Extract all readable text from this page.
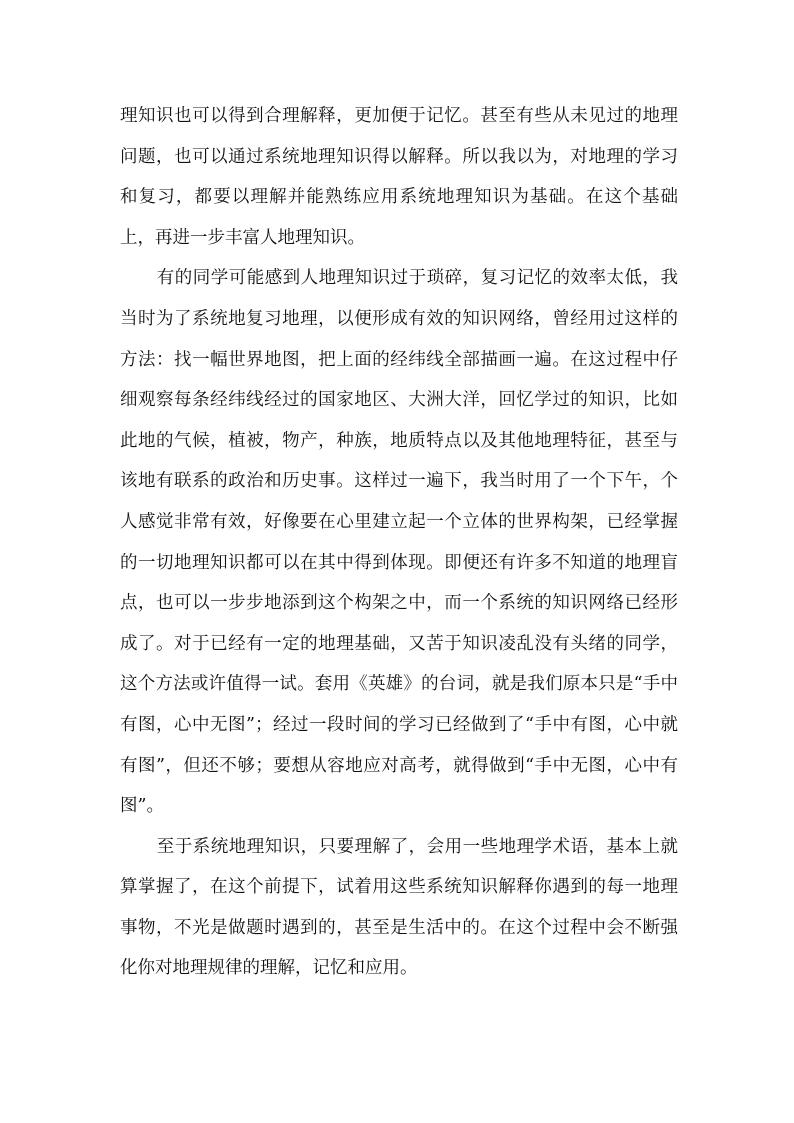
理知识也可以得到合理解释，更加便于记忆。甚至有些从未见过的地理问题，也可以通过系统地理知识得以解释。所以我以为，对地理的学习和复习，都要以理解并能熟练应用系统地理知识为基础。在这个基础上，再进一步丰富人地理知识。

有的同学可能感到人地理知识过于琐碎，复习记忆的效率太低，我当时为了系统地复习地理，以便形成有效的知识网络，曾经用过这样的方法：找一幅世界地图，把上面的经纬线全部描画一遍。在这过程中仔细观察每条经纬线经过的国家地区、大洲大洋，回忆学过的知识，比如此地的气候，植被，物产，种族，地质特点以及其他地理特征，甚至与该地有联系的政治和历史事。这样过一遍下，我当时用了一个下午，个人感觉非常有效，好像要在心里建立起一个立体的世界构架，已经掌握的一切地理知识都可以在其中得到体现。即便还有许多不知道的地理盲点，也可以一步步地添到这个构架之中，而一个系统的知识网络已经形成了。对于已经有一定的地理基础，又苦于知识凌乱没有头绪的同学，这个方法或许值得一试。套用《英雄》的台词，就是我们原本只是“手中有图，心中无图”；经过一段时间的学习已经做到了“手中有图，心中就有图”，但还不够；要想从容地应对高考，就得做到“手中无图，心中有图”。

至于系统地理知识，只要理解了，会用一些地理学术语，基本上就算掌握了，在这个前提下，试着用这些系统知识解释你遇到的每一地理事物，不光是做题时遇到的，甚至是生活中的。在这个过程中会不断强化你对地理规律的理解，记忆和应用。
